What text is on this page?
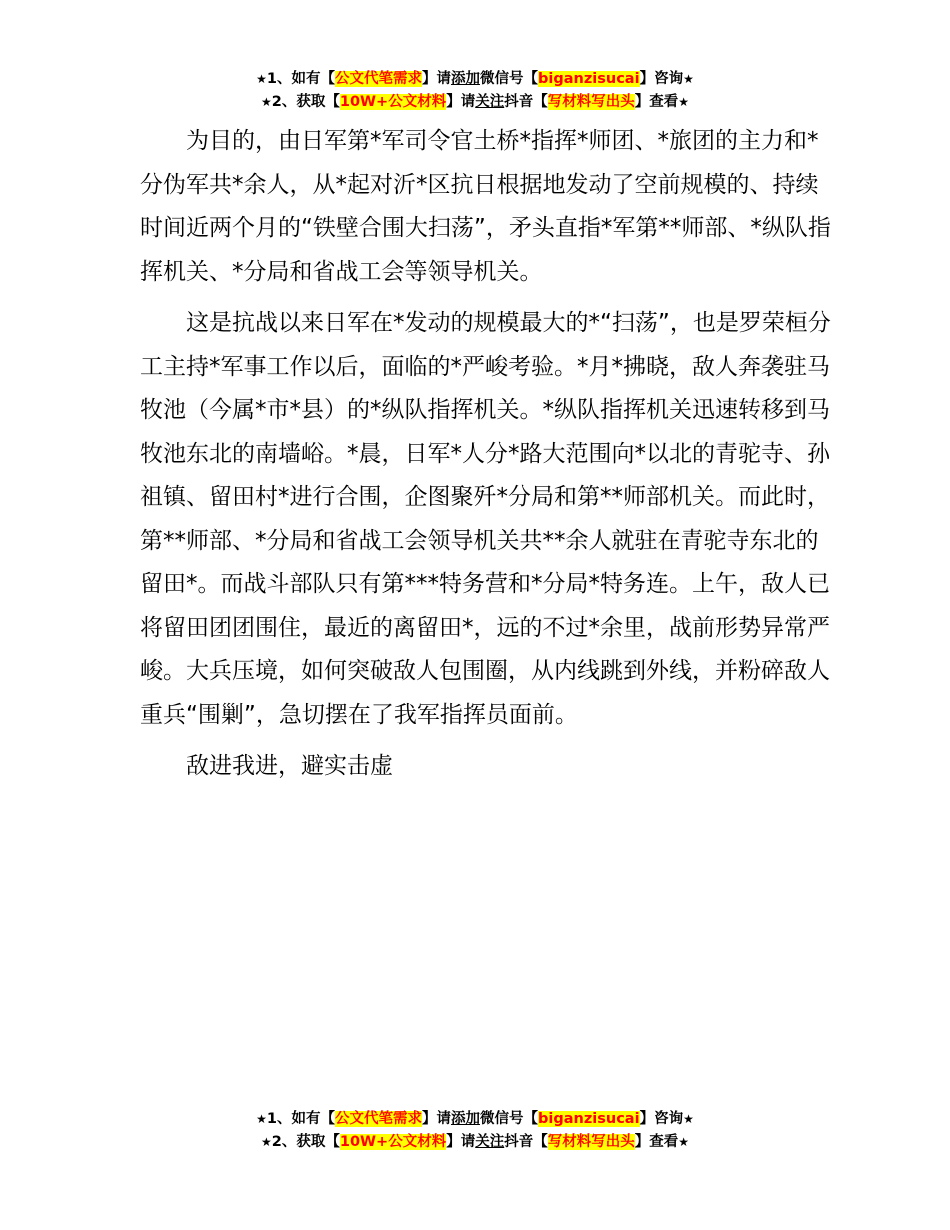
★1、如有【公文代笔需求】请添加微信号【biganzisucai】咨询★
★2、获取【10W+公文材料】请关注抖音【写材料写出头】查看★

为目的，由日军第*军司令官土桥*指挥*师团、*旅团的主力和*分伪军共*余人，从*起对沂*区抗日根据地发动了空前规模的、持续时间近两个月的“铁壁合围大扫荡”，矛头直指*军第**师部、*纵队指挥机关、*分局和省战工会等领导机关。

这是抗战以来日军在*发动的规模最大的*“扫荡”，也是罗荣桓分工主持*军事工作以后，面临的*严峻考验。*月*拂晓，敌人奔袭驻马牧池（今属*市*县）的*纵队指挥机关。*纵队指挥机关迅速转移到马牧池东北的南墙峪。*晨，日军*人分*路大范围向*以北的青驼寺、孙祖镇、留田村*进行合围，企图聚歼*分局和第**师部机关。而此时，第**师部、*分局和省战工会领导机关共**余人就驻在青驼寺东北的留田*。而战斗部队只有第***特务营和*分局*特务连。上午，敌人已将留田团团围住，最近的离留田*，远的不过*余里，战前形势异常严峻。大兵压境，如何突破敌人包围圈，从内线跳到外线，并粉碎敌人重兵“围剿”，急切摆在了我军指挥员面前。

敌进我进，避实击虚

★1、如有【公文代笔需求】请添加微信号【biganzisucai】咨询★
★2、获取【10W+公文材料】请关注抖音【写材料写出头】查看★
